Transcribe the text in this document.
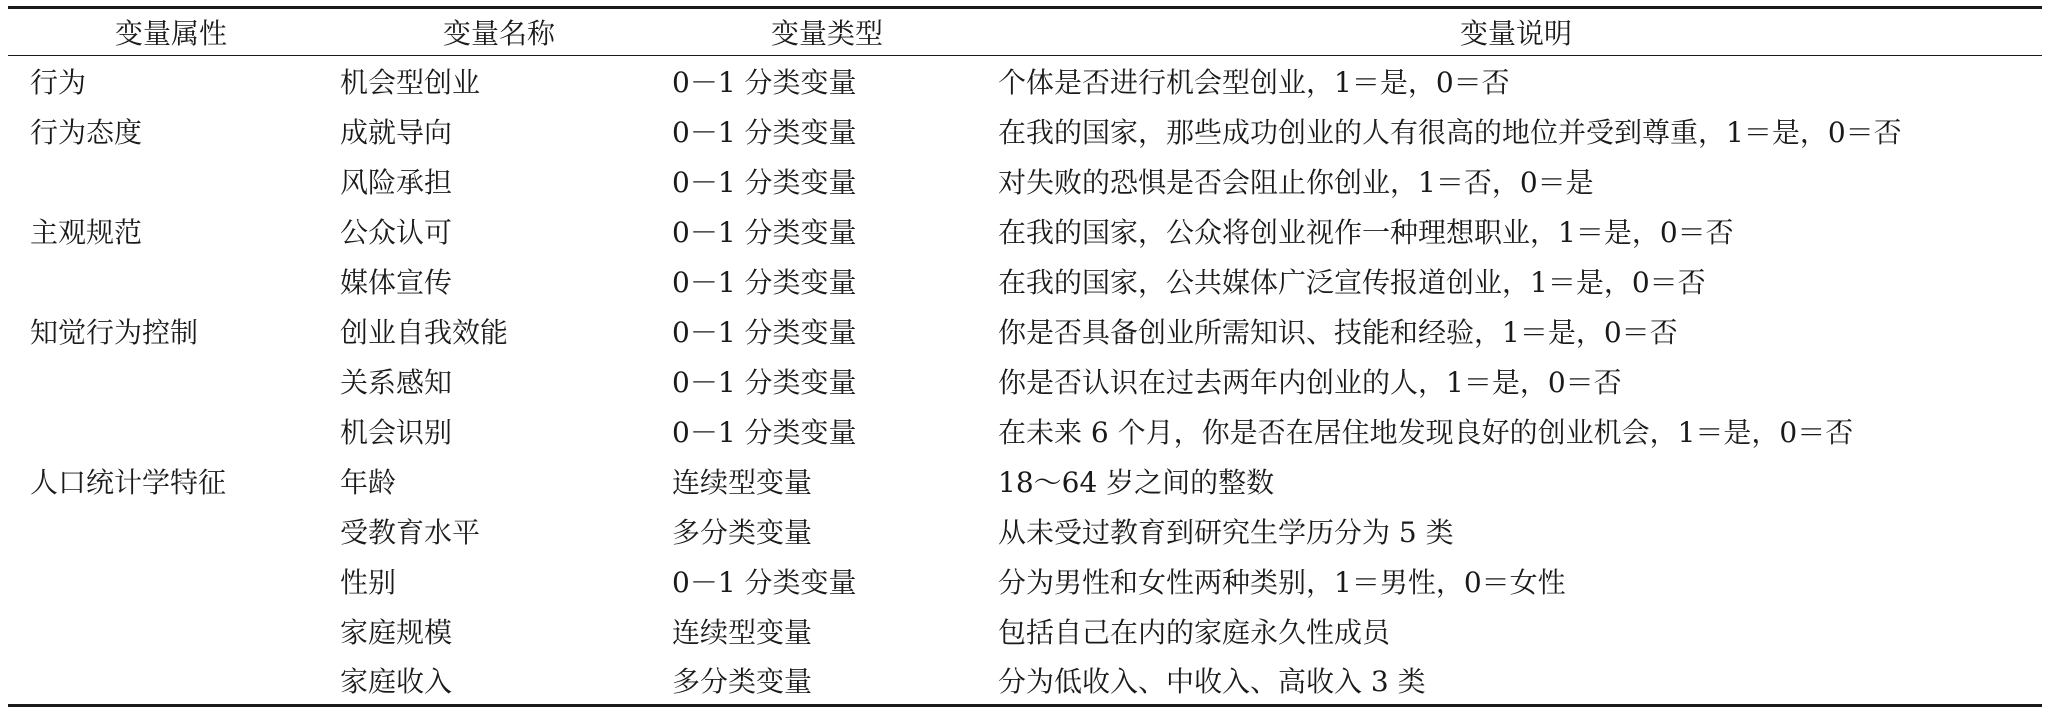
变量属性	变量名称	变量类型	变量说明
行为	机会型创业	0－1 分类变量	个体是否进行机会型创业，1＝是，0＝否
行为态度	成就导向	0－1 分类变量	在我的国家，那些成功创业的人有很高的地位并受到尊重，1＝是，0＝否
	风险承担	0－1 分类变量	对失败的恐惧是否会阻止你创业，1＝否，0＝是
主观规范	公众认可	0－1 分类变量	在我的国家，公众将创业视作一种理想职业，1＝是，0＝否
	媒体宣传	0－1 分类变量	在我的国家，公共媒体广泛宣传报道创业，1＝是，0＝否
知觉行为控制	创业自我效能	0－1 分类变量	你是否具备创业所需知识、技能和经验，1＝是，0＝否
	关系感知	0－1 分类变量	你是否认识在过去两年内创业的人，1＝是，0＝否
	机会识别	0－1 分类变量	在未来 6 个月，你是否在居住地发现良好的创业机会，1＝是，0＝否
人口统计学特征	年龄	连续型变量	18～64 岁之间的整数
	受教育水平	多分类变量	从未受过教育到研究生学历分为 5 类
	性别	0－1 分类变量	分为男性和女性两种类别，1＝男性，0＝女性
	家庭规模	连续型变量	包括自己在内的家庭永久性成员
	家庭收入	多分类变量	分为低收入、中收入、高收入 3 类
